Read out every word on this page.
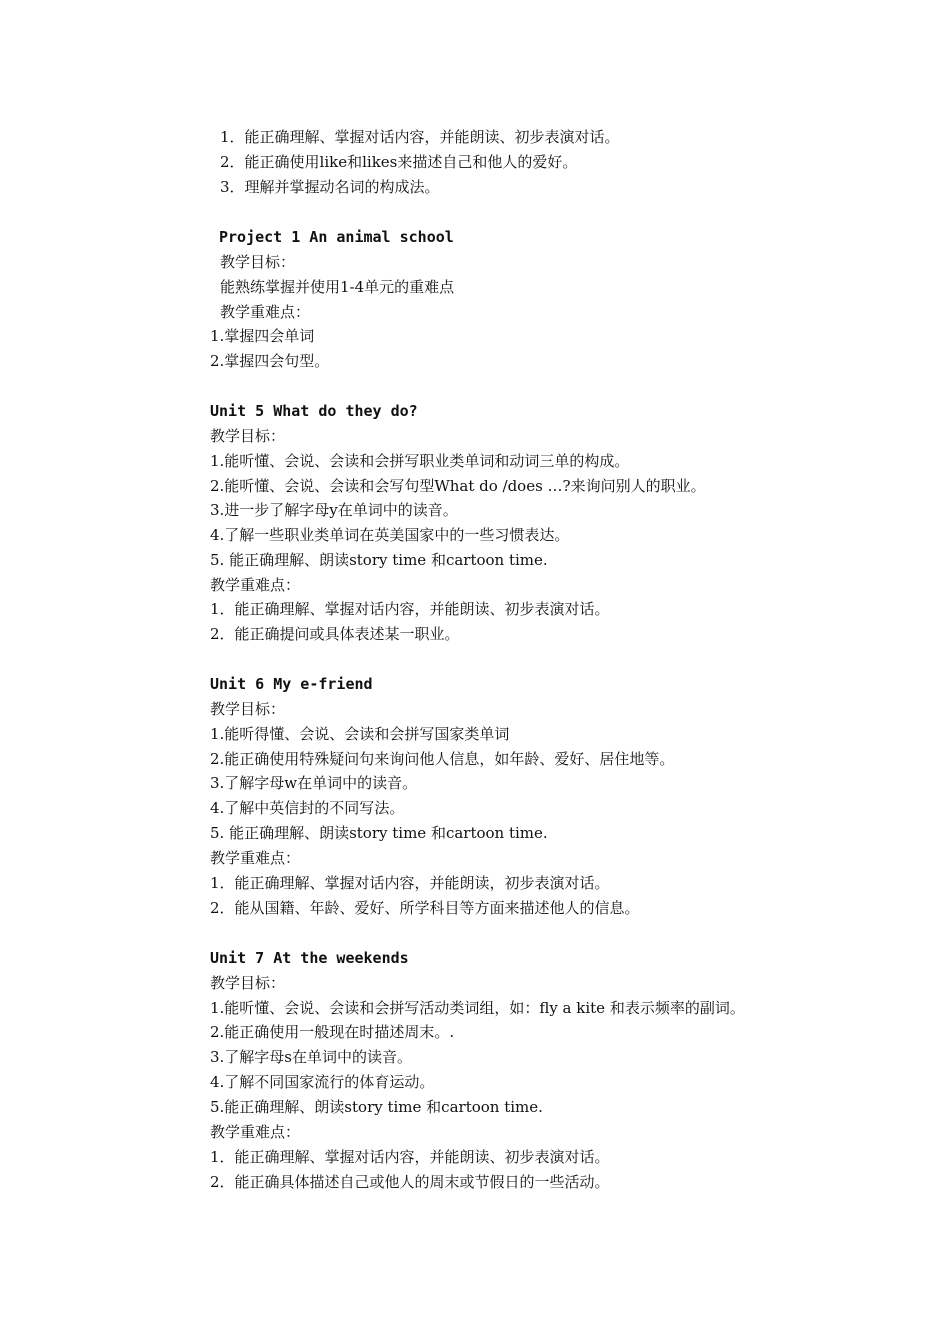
1．能正确理解、掌握对话内容，并能朗读、初步表演对话。
2．能正确使用like和likes来描述自己和他人的爱好。
3．理解并掌握动名词的构成法。
Project 1 An animal school
教学目标：
能熟练掌握并使用1-4单元的重难点
教学重难点：
1.掌握四会单词
2.掌握四会句型。
Unit 5 What do they do?
教学目标：
1.能听懂、会说、会读和会拼写职业类单词和动词三单的构成。
2.能听懂、会说、会读和会写句型What do /does …?来询问别人的职业。
3.进一步了解字母y在单词中的读音。
4.了解一些职业类单词在英美国家中的一些习惯表达。
5. 能正确理解、朗读story time 和cartoon time.
教学重难点：
1．能正确理解、掌握对话内容，并能朗读、初步表演对话。
2．能正确提问或具体表述某一职业。
Unit 6 My e-friend
教学目标：
1.能听得懂、会说、会读和会拼写国家类单词
2.能正确使用特殊疑问句来询问他人信息，如年龄、爱好、居住地等。
3.了解字母w在单词中的读音。
4.了解中英信封的不同写法。
5. 能正确理解、朗读story time 和cartoon time.
教学重难点：
1．能正确理解、掌握对话内容，并能朗读，初步表演对话。
2．能从国籍、年龄、爱好、所学科目等方面来描述他人的信息。
Unit 7 At the weekends
教学目标：
1.能听懂、会说、会读和会拼写活动类词组，如：fly a kite 和表示频率的副词。
2.能正确使用一般现在时描述周末。.
3.了解字母s在单词中的读音。
4.了解不同国家流行的体育运动。
5.能正确理解、朗读story time 和cartoon time.
教学重难点：
1．能正确理解、掌握对话内容，并能朗读、初步表演对话。
2．能正确具体描述自己或他人的周末或节假日的一些活动。
